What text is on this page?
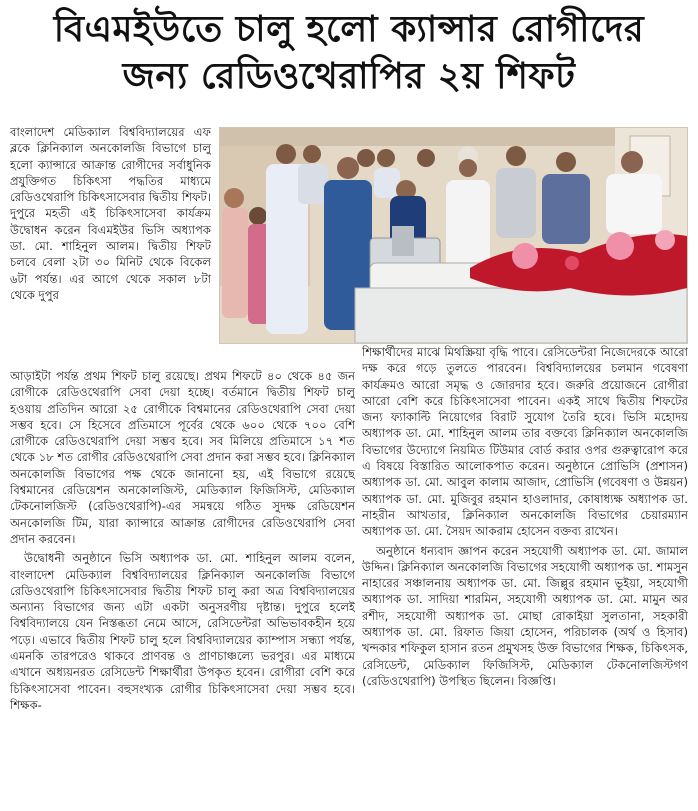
বিএমইউতে চালু হলো ক্যান্সার রোগীদের
জন্য রেডিওথেরাপির ২য় শিফট

বাংলাদেশ মেডিক্যাল বিশ্ববিদ্যালয়ের এফ ব্লকে ক্লিনিক্যাল অনকোলজি বিভাগে চালু হলো ক্যান্সারে আক্রান্ত রোগীদের সর্বাধুনিক প্রযুক্তিগত চিকিৎসা পদ্ধতির মাধ্যমে রেডিওথেরাপি চিকিৎসাসেবার দ্বিতীয় শিফট। দুপুরে মহতী এই চিকিৎসাসেবা কার্যক্রম উদ্বোধন করেন বিএমইউর ভিসি অধ্যাপক ডা. মো. শাহিনুল আলম। দ্বিতীয় শিফট চলবে বেলা ২টা ৩০ মিনিট থেকে বিকেল ৬টা পর্যন্ত। এর আগে থেকে সকাল ৮টা থেকে দুপুর

আড়াইটা পর্যন্ত প্রথম শিফট চালু রয়েছে। প্রথম শিফটে ৪০ থেকে ৪৫ জন রোগীকে রেডিওথেরাপি সেবা দেয়া হচ্ছে। বর্তমানে দ্বিতীয় শিফট চালু হওয়ায় প্রতিদিন আরো ২৫ রোগীকে বিশ্বমানের রেডিওথেরাপি সেবা দেয়া সম্ভব হবে। সে হিসেবে প্রতিমাসে পূর্বের থেকে ৬০০ থেকে ৭০০ বেশি রোগীকে রেডিওথেরাপি দেয়া সম্ভব হবে। সব মিলিয়ে প্রতিমাসে ১৭ শত থেকে ১৮ শত রোগীর রেডিওথেরাপি সেবা প্রদান করা সম্ভব হবে। ক্লিনিক্যাল অনকোলজি বিভাগের পক্ষ থেকে জানানো হয়, এই বিভাগে রয়েছে বিশ্বমানের রেডিয়েশন অনকোলজিস্ট, মেডিক্যাল ফিজিসিস্ট, মেডিক্যাল টেকনোলজিস্ট (রেডিওথেরাপি)-এর সমন্বয়ে গঠিত সুদক্ষ রেডিয়েশন অনকোলজি টিম, যারা ক্যান্সারে আক্রান্ত রোগীদের রেডিওথেরাপি সেবা প্রদান করবেন।

উদ্বোধনী অনুষ্ঠানে ভিসি অধ্যাপক ডা. মো. শাহিনুল আলম বলেন, বাংলাদেশ মেডিক্যাল বিশ্ববিদ্যালয়ের ক্লিনিক্যাল অনকোলজি বিভাগে রেডিওথেরাপি চিকিৎসাসেবার দ্বিতীয় শিফট চালু করা অত্র বিশ্ববিদ্যালয়ের অন্যান্য বিভাগের জন্য এটা একটা অনুসরণীয় দৃষ্টান্ত। দুপুরে হলেই বিশ্ববিদ্যালয়ে যেন নিস্তব্ধতা নেমে আসে, রেসিডেন্টরা অভিভাবকহীন হয়ে পড়ে। এভাবে দ্বিতীয় শিফট চালু হলে বিশ্ববিদ্যালয়ের ক্যাম্পাস সন্ধ্যা পর্যন্ত, এমনকি তারপরেও থাকবে প্রাণবন্ত ও প্রাণচাঞ্চল্যে ভরপুর। এর মাধ্যমে এখানে অধ্যয়নরত রেসিডেন্ট শিক্ষার্থীরা উপকৃত হবেন। রোগীরা বেশি করে চিকিৎসাসেবা পাবেন। বহুসংখ্যক রোগীর চিকিৎসাসেবা দেয়া সম্ভব হবে। শিক্ষক-

শিক্ষার্থীদের মাঝে মিথস্ক্রিয়া বৃদ্ধি পাবে। রেসিডেন্টরা নিজেদেরকে আরো দক্ষ করে গড়ে তুলতে পারবেন। বিশ্ববিদ্যালয়ের চলমান গবেষণা কার্যক্রমও আরো সমৃদ্ধ ও জোরদার হবে। জরুরি প্রয়োজনে রোগীরা আরো বেশি করে চিকিৎসাসেবা পাবেন। একই সাথে দ্বিতীয় শিফটের জন্য ফ্যাকাল্টি নিয়োগের বিরাট সুযোগ তৈরি হবে। ভিসি মহোদয় অধ্যাপক ডা. মো. শাহিনুল আলম তার বক্তব্যে ক্লিনিক্যাল অনকোলজি বিভাগের উদ্যোগে নিয়মিত টিউমার বোর্ড করার ওপর গুরুত্বারোপ করে এ বিষয়ে বিস্তারিত আলোকপাত করেন। অনুষ্ঠানে প্রোভিসি (প্রশাসন) অধ্যাপক ডা. মো. আবুল কালাম আজাদ, প্রোভিসি (গবেষণা ও উন্নয়ন) অধ্যাপক ডা. মো. মুজিবুর রহমান হাওলাদার, কোষাধ্যক্ষ অধ্যাপক ডা. নাহরীন আখতার, ক্লিনিক্যাল অনকোলজি বিভাগের চেয়ারম্যান অধ্যাপক ডা. মো. সৈয়দ আকরাম হোসেন বক্তব্য রাখেন।

অনুষ্ঠানে ধন্যবাদ জ্ঞাপন করেন সহযোগী অধ্যাপক ডা. মো. জামাল উদ্দিন। ক্লিনিক্যাল অনকোলজি বিভাগের সহযোগী অধ্যাপক ডা. শামসুন নাহারের সঞ্চালনায় অধ্যাপক ডা. মো. জিল্লুর রহমান ভূইয়া, সহযোগী অধ্যাপক ডা. সাদিয়া শারমিন, সহযোগী অধ্যাপক ডা. মো. মামুন অর রশীদ, সহযোগী অধ্যাপক ডা. মোছা রোকাইয়া সুলতানা, সহকারী অধ্যাপক ডা. মো. রিফাত জিয়া হোসেন, পরিচালক (অর্থ ও হিসাব) খন্দকার শফিকুল হাসান রতন প্রমুখসহ উক্ত বিভাগের শিক্ষক, চিকিৎসক, রেসিডেন্ট, মেডিক্যাল ফিজিসিস্ট, মেডিক্যাল টেকনোলজিস্টগণ (রেডিওথেরাপি) উপস্থিত ছিলেন। বিজ্ঞপ্তি।
